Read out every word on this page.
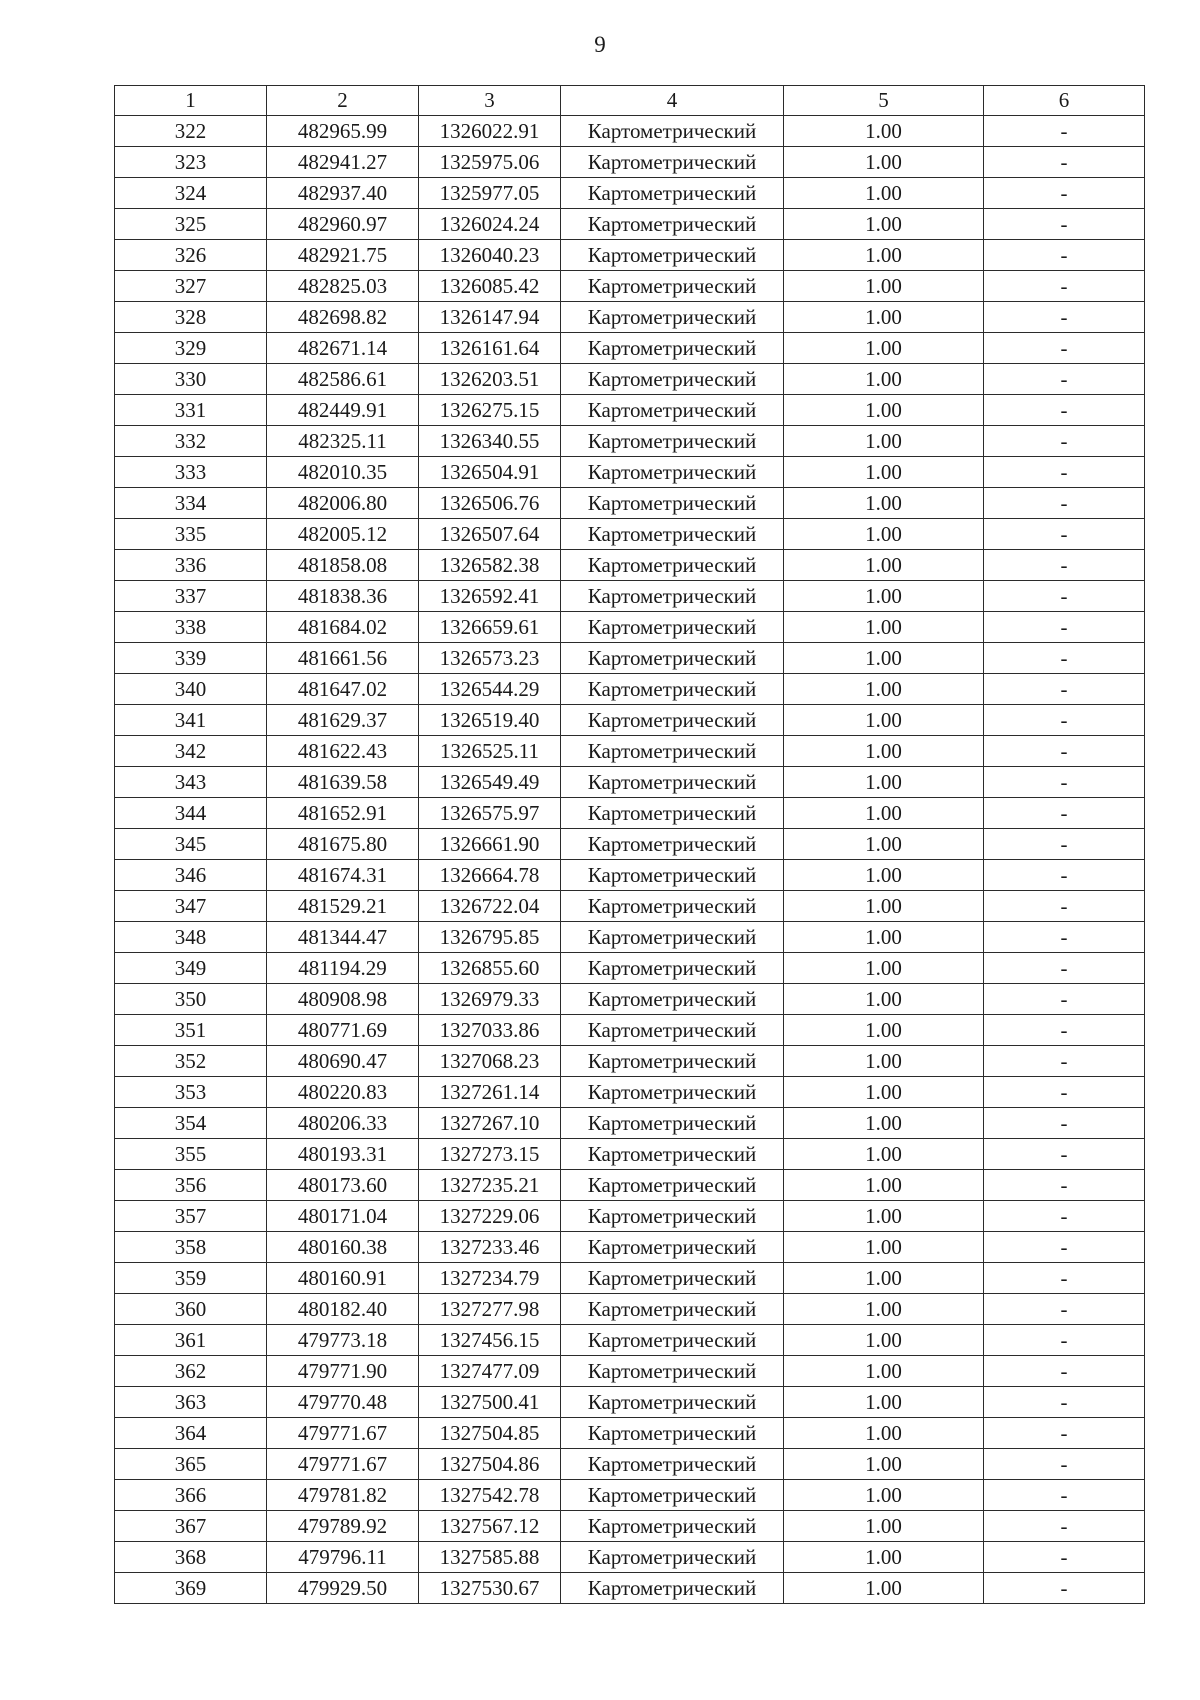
9
1	2	3	4	5	6
322	482965.99	1326022.91	Картометрический	1.00	-
323	482941.27	1325975.06	Картометрический	1.00	-
324	482937.40	1325977.05	Картометрический	1.00	-
325	482960.97	1326024.24	Картометрический	1.00	-
326	482921.75	1326040.23	Картометрический	1.00	-
327	482825.03	1326085.42	Картометрический	1.00	-
328	482698.82	1326147.94	Картометрический	1.00	-
329	482671.14	1326161.64	Картометрический	1.00	-
330	482586.61	1326203.51	Картометрический	1.00	-
331	482449.91	1326275.15	Картометрический	1.00	-
332	482325.11	1326340.55	Картометрический	1.00	-
333	482010.35	1326504.91	Картометрический	1.00	-
334	482006.80	1326506.76	Картометрический	1.00	-
335	482005.12	1326507.64	Картометрический	1.00	-
336	481858.08	1326582.38	Картометрический	1.00	-
337	481838.36	1326592.41	Картометрический	1.00	-
338	481684.02	1326659.61	Картометрический	1.00	-
339	481661.56	1326573.23	Картометрический	1.00	-
340	481647.02	1326544.29	Картометрический	1.00	-
341	481629.37	1326519.40	Картометрический	1.00	-
342	481622.43	1326525.11	Картометрический	1.00	-
343	481639.58	1326549.49	Картометрический	1.00	-
344	481652.91	1326575.97	Картометрический	1.00	-
345	481675.80	1326661.90	Картометрический	1.00	-
346	481674.31	1326664.78	Картометрический	1.00	-
347	481529.21	1326722.04	Картометрический	1.00	-
348	481344.47	1326795.85	Картометрический	1.00	-
349	481194.29	1326855.60	Картометрический	1.00	-
350	480908.98	1326979.33	Картометрический	1.00	-
351	480771.69	1327033.86	Картометрический	1.00	-
352	480690.47	1327068.23	Картометрический	1.00	-
353	480220.83	1327261.14	Картометрический	1.00	-
354	480206.33	1327267.10	Картометрический	1.00	-
355	480193.31	1327273.15	Картометрический	1.00	-
356	480173.60	1327235.21	Картометрический	1.00	-
357	480171.04	1327229.06	Картометрический	1.00	-
358	480160.38	1327233.46	Картометрический	1.00	-
359	480160.91	1327234.79	Картометрический	1.00	-
360	480182.40	1327277.98	Картометрический	1.00	-
361	479773.18	1327456.15	Картометрический	1.00	-
362	479771.90	1327477.09	Картометрический	1.00	-
363	479770.48	1327500.41	Картометрический	1.00	-
364	479771.67	1327504.85	Картометрический	1.00	-
365	479771.67	1327504.86	Картометрический	1.00	-
366	479781.82	1327542.78	Картометрический	1.00	-
367	479789.92	1327567.12	Картометрический	1.00	-
368	479796.11	1327585.88	Картометрический	1.00	-
369	479929.50	1327530.67	Картометрический	1.00	-
